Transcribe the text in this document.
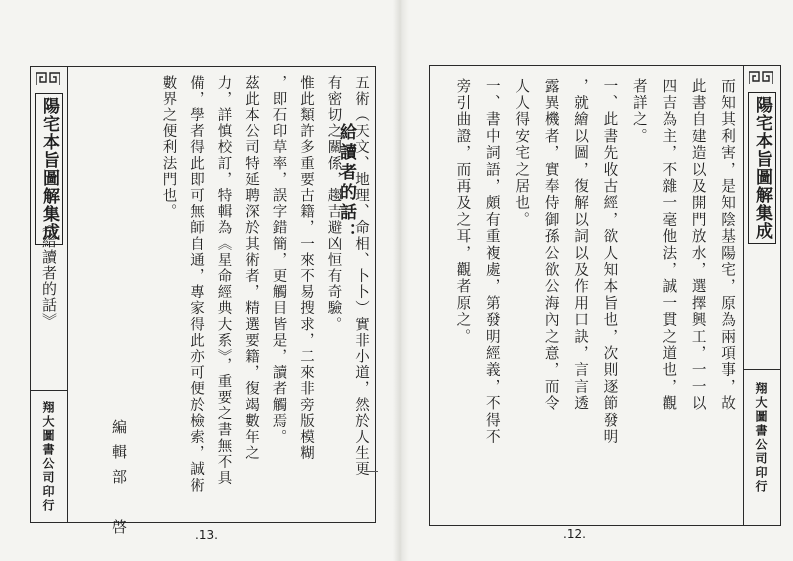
陽宅本旨圖解集成
《給讀者的話》
翔大圖書公司印行
給讀者的話：
五術（天文、地理、命相、卜卜）實非小道，然於人生更
有密切之關係，趨吉避凶恒有奇驗。
惟此類許多重要古籍，一來不易搜求，二來非旁版模糊
，即石印草率，誤字錯簡，更觸目皆是，讀者觸焉。
茲此本公司特延聘深於其術者，精選要籍，復竭數年之
力，詳慎校訂，特輯為《星命經典大系》，重要之書無不具
備，學者得此即可無師自通，專家得此亦可便於檢索，誠術
數界之便利法門也。
編輯部　啓	.13.
而知其利害，是知陰基陽宅，原為兩項事，故
此書自建造以及開門放水，選擇興工，一一以
四吉為主，不雜一毫他法，誠一貫之道也，觀
者詳之。
一、此書先收古經，欲人知本旨也，次則逐節發明
，就繪以圖，復解以詞以及作用口訣，言言透
露異機者，實奉侍御孫公欲公海內之意，而令
人人得安宅之居也。
一、書中詞語，頗有重複處，第發明經義，不得不
旁引曲證，而再及之耳，觀者原之。	陽宅本旨圖解集成
翔大圖書公司印行
.12.
